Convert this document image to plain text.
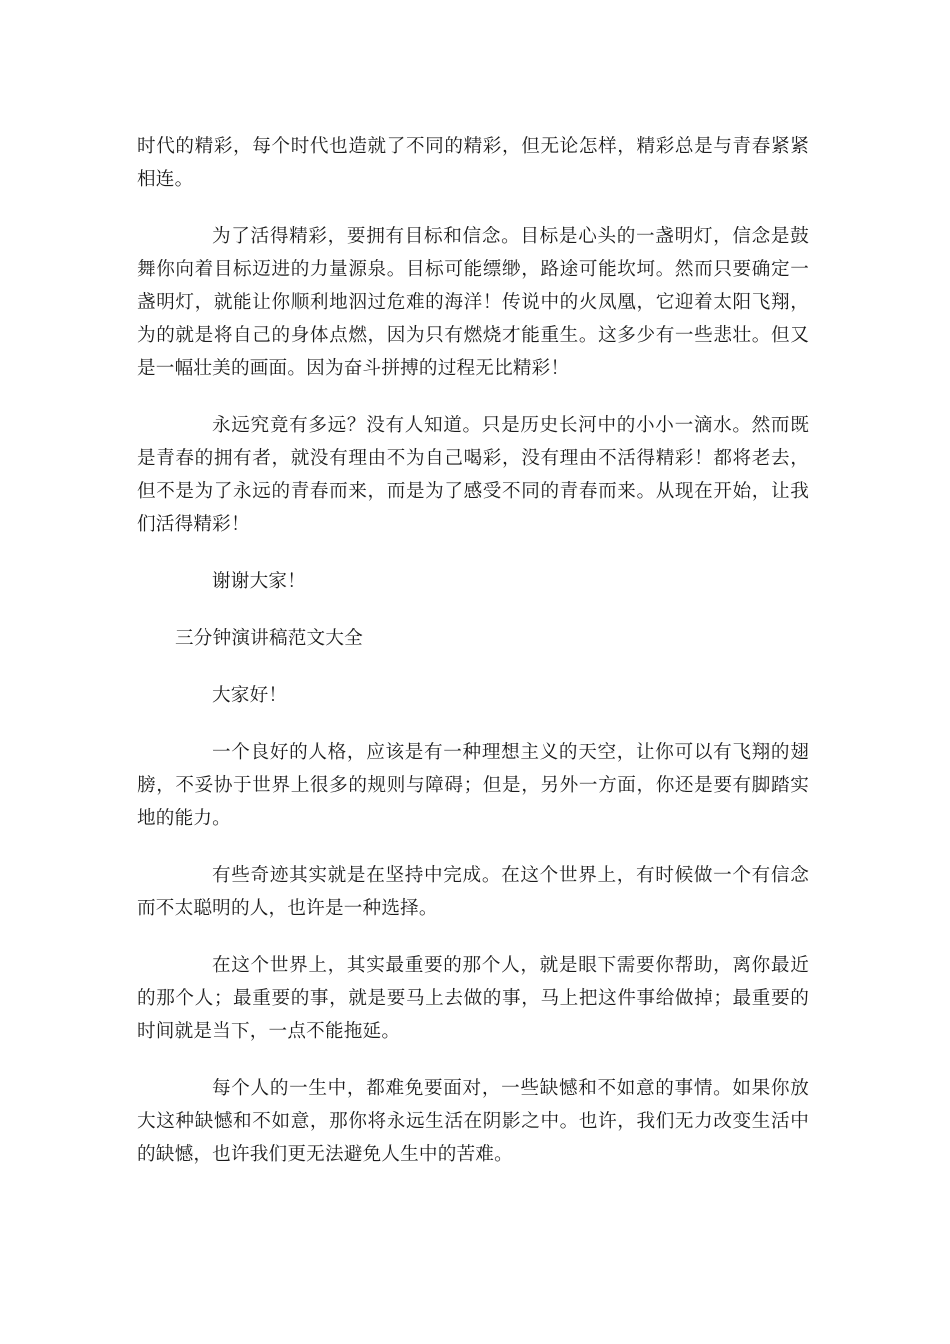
时代的精彩，每个时代也造就了不同的精彩，但无论怎样，精彩总是与青春紧紧相连。

为了活得精彩，要拥有目标和信念。目标是心头的一盏明灯，信念是鼓舞你向着目标迈进的力量源泉。目标可能缥缈，路途可能坎坷。然而只要确定一盏明灯，就能让你顺利地泅过危难的海洋！传说中的火凤凰，它迎着太阳飞翔，为的就是将自己的身体点燃，因为只有燃烧才能重生。这多少有一些悲壮。但又是一幅壮美的画面。因为奋斗拼搏的过程无比精彩！

永远究竟有多远？没有人知道。只是历史长河中的小小一滴水。然而既是青春的拥有者，就没有理由不为自己喝彩，没有理由不活得精彩！都将老去，但不是为了永远的青春而来，而是为了感受不同的青春而来。从现在开始，让我们活得精彩！

谢谢大家！

三分钟演讲稿范文大全

大家好！

一个良好的人格，应该是有一种理想主义的天空，让你可以有飞翔的翅膀，不妥协于世界上很多的规则与障碍；但是，另外一方面，你还是要有脚踏实地的能力。

有些奇迹其实就是在坚持中完成。在这个世界上，有时候做一个有信念而不太聪明的人，也许是一种选择。

在这个世界上，其实最重要的那个人，就是眼下需要你帮助，离你最近的那个人；最重要的事，就是要马上去做的事，马上把这件事给做掉；最重要的时间就是当下，一点不能拖延。

每个人的一生中，都难免要面对，一些缺憾和不如意的事情。如果你放大这种缺憾和不如意，那你将永远生活在阴影之中。也许，我们无力改变生活中的缺憾，也许我们更无法避免人生中的苦难。
